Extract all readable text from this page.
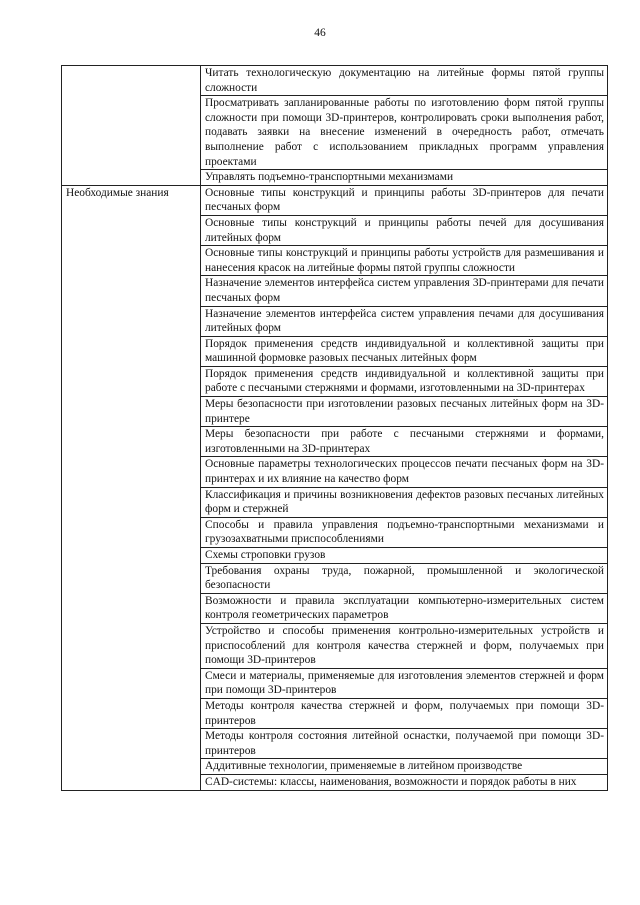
46
	Читать технологическую документацию на литейные формы пятой группы сложности
	Просматривать запланированные работы по изготовлению форм пятой группы сложности при помощи 3D-принтеров, контролировать сроки выполнения работ, подавать заявки на внесение изменений в очередность работ, отмечать выполнение работ с использованием прикладных программ управления проектами
	Управлять подъемно-транспортными механизмами
Необходимые знания	Основные типы конструкций и принципы работы 3D-принтеров для печати песчаных форм
	Основные типы конструкций и принципы работы печей для досушивания литейных форм
	Основные типы конструкций и принципы работы устройств для размешивания и нанесения красок на литейные формы пятой группы сложности
	Назначение элементов интерфейса систем управления 3D-принтерами для печати песчаных форм
	Назначение элементов интерфейса систем управления печами для досушивания литейных форм
	Порядок применения средств индивидуальной и коллективной защиты при машинной формовке разовых песчаных литейных форм
	Порядок применения средств индивидуальной и коллективной защиты при работе с песчаными стержнями и формами, изготовленными на 3D-принтерах
	Меры безопасности при изготовлении разовых песчаных литейных форм на 3D-принтере
	Меры безопасности при работе с песчаными стержнями и формами, изготовленными на 3D-принтерах
	Основные параметры технологических процессов печати песчаных форм на 3D-принтерах и их влияние на качество форм
	Классификация и причины возникновения дефектов разовых песчаных литейных форм и стержней
	Способы и правила управления подъемно-транспортными механизмами и грузозахватными приспособлениями
	Схемы строповки грузов
	Требования охраны труда, пожарной, промышленной и экологической безопасности
	Возможности и правила эксплуатации компьютерно-измерительных систем контроля геометрических параметров
	Устройство и способы применения контрольно-измерительных устройств и приспособлений для контроля качества стержней и форм, получаемых при помощи 3D-принтеров
	Смеси и материалы, применяемые для изготовления элементов стержней и форм при помощи 3D-принтеров
	Методы контроля качества стержней и форм, получаемых при помощи 3D-принтеров
	Методы контроля состояния литейной оснастки, получаемой при помощи 3D-принтеров
	Аддитивные технологии, применяемые в литейном производстве
	CAD-системы: классы, наименования, возможности и порядок работы в них
